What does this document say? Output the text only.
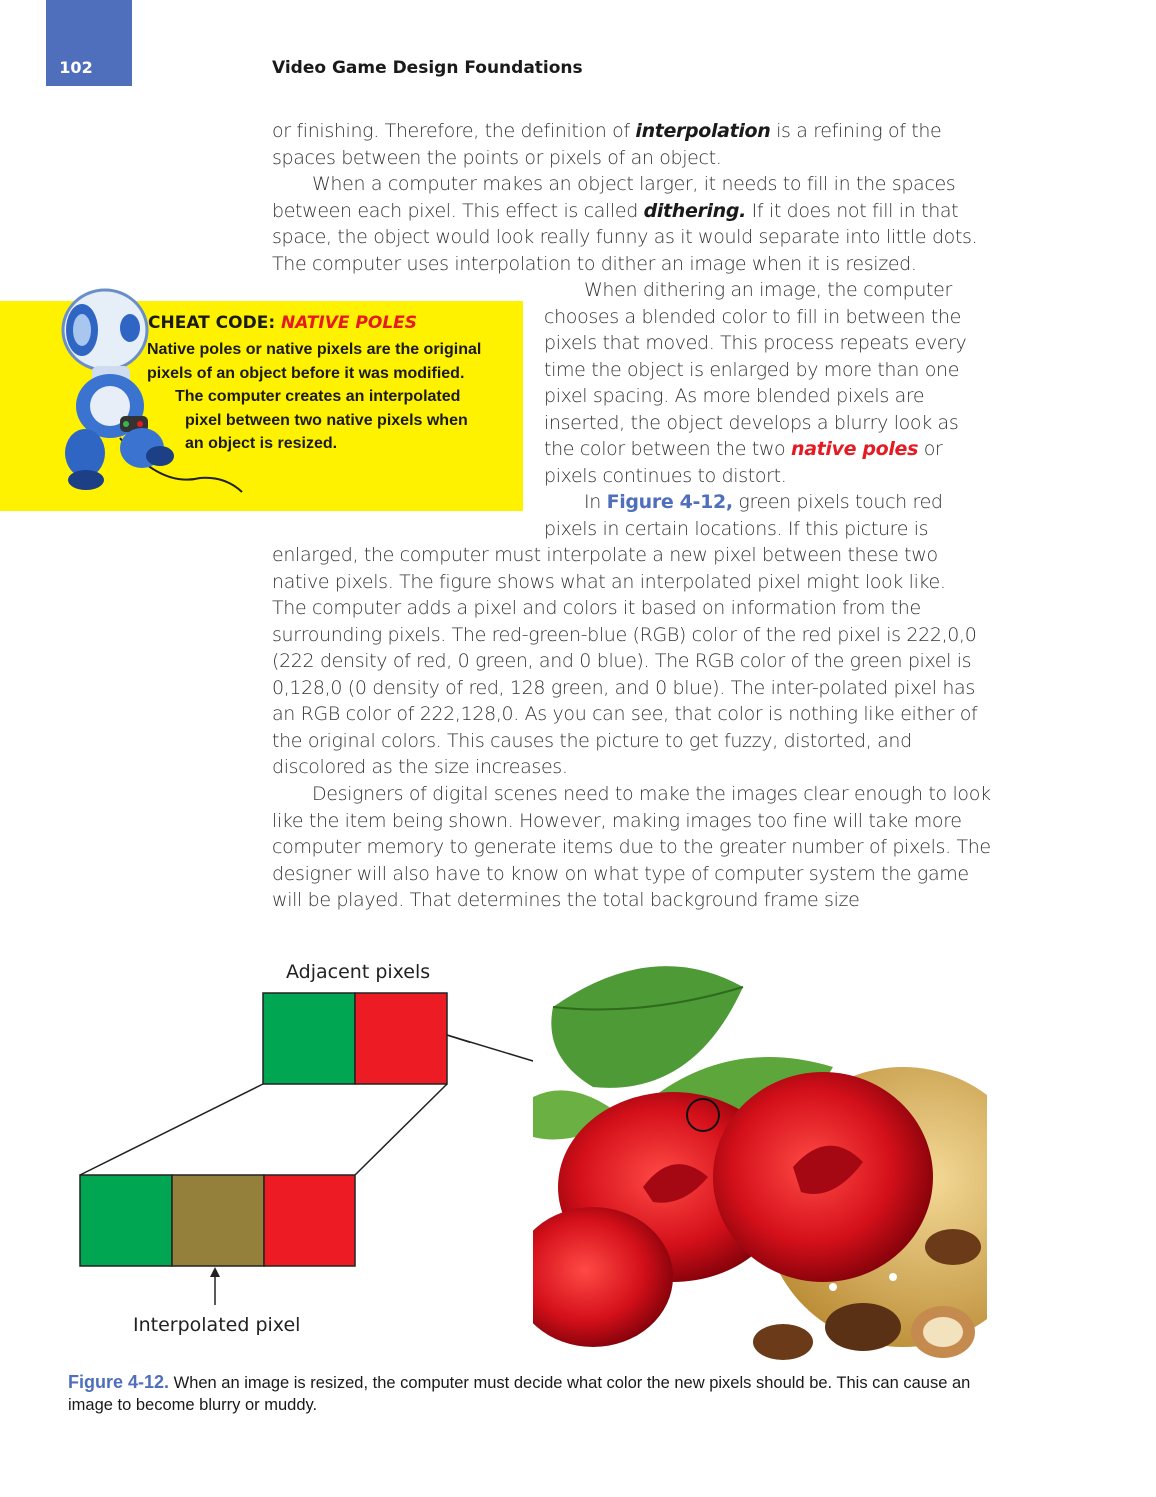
102	Video Game Design Foundations

or finishing. Therefore, the definition of interpolation is a refining of the spaces between the points or pixels of an object.

When a computer makes an object larger, it needs to fill in the spaces between each pixel. This effect is called dithering. If it does not fill in that space, the object would look really funny as it would separate into little dots. The computer uses interpolation to dither an image when it is resized.

CHEAT CODE: NATIVE POLES
Native poles or native pixels are the original
pixels of an object before it was modified.
The computer creates an interpolated
pixel between two native pixels when
an object is resized.

When dithering an image, the computer chooses a blended color to fill in between the pixels that moved. This process repeats every time the object is enlarged by more than one pixel spacing. As more blended pixels are inserted, the object develops a blurry look as the color between the two native poles or pixels continues to distort.

In Figure 4-12, green pixels touch red pixels in certain locations. If this picture is

enlarged, the computer must interpolate a new pixel between these two native pixels. The figure shows what an interpolated pixel might look like. The computer adds a pixel and colors it based on information from the surrounding pixels. The red-green-blue (RGB) color of the red pixel is 222,0,0 (222 density of red, 0 green, and 0 blue). The RGB color of the green pixel is 0,128,0 (0 density of red, 128 green, and 0 blue). The inter-polated pixel has an RGB color of 222,128,0. As you can see, that color is nothing like either of the original colors. This causes the picture to get fuzzy, distorted, and discolored as the size increases.

Designers of digital scenes need to make the images clear enough to look like the item being shown. However, making images too fine will take more computer memory to generate items due to the greater number of pixels. The designer will also have to know on what type of computer system the game will be played. That determines the total background frame size

Adjacent pixels
Interpolated pixel

Figure 4-12. When an image is resized, the computer must decide what color the new pixels should be. This can cause an image to become blurry or muddy.
